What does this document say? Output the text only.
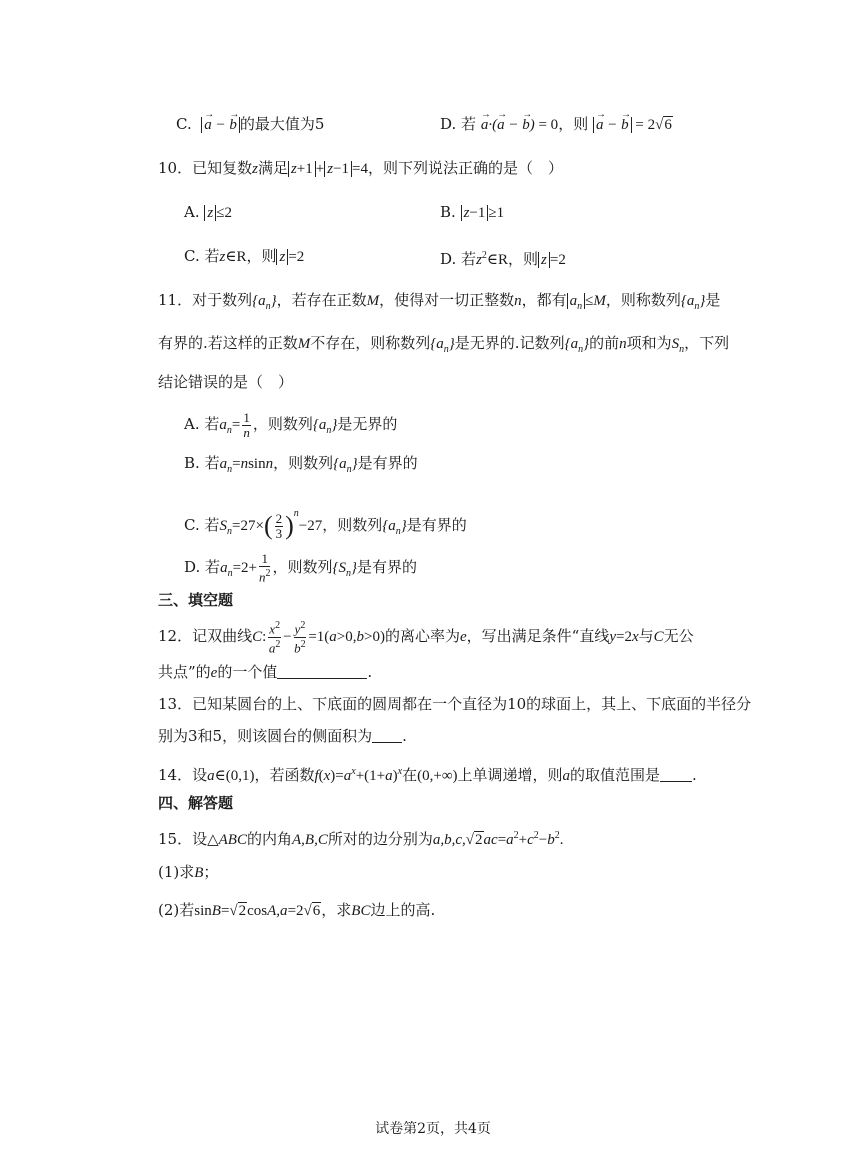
C. → a − → b 的最大值为5	D. 若 → a·(→ a − → b) = 0，则 → a − → b = 2√6
10．已知复数z满足 z+1 + z−1 =4，则下列说法正确的是（　）
A. z ≤2	B. z−1 ≥1
C. 若z∈R，则 z =2	D. 若$z^2\in R$，则 z =2
11．对于数列$\{a_n\}$，若存在正数M，使得对一切正整数n，都有 $a_n \le M$，则称数列$\{a_n\}$是
有界的.若这样的正数M不存在，则称数列$\{a_n\}$是无界的.记数列$\{a_n\}$的前n项和为$S_n$，下列
结论错误的是（　）
A. 若$a_n= \frac{1}{n}$ ，则数列$\{a_n\}$是无界的
B. 若$a_n=nsinn$，则数列$\{a_n\}$是有界的
C. 若$S_n=27\times( \frac{2}{3} )^n-27$，则数列$\{a_n\}$是有界的
D. 若$a_n=2+ \frac{1}{n^2}$ ，则数列$\{S_n\}$是有界的
三、填空题
12．记双曲线C: $\frac{x^2}{a^2} - \frac{y^2}{b^2} =1(a>0,b>0)$的离心率为e，写出满足条件“直线y=2x与C无公
共点”的e的一个值	.
13．已知某圆台的上、下底面的圆周都在一个直径为10的球面上，其上、下底面的半径分
别为3和5，则该圆台的侧面积为 .
14．设a∈(0,1)，若函数$f(x)=a^x+(1+a)^x$在(0,+∞)上单调递增，则a的取值范围是 .
四、解答题
15．设△ABC的内角A,B,C所对的边分别为$a,b,c,√2ac=a^2+c^2-b^2$.
(1)求B；
(2)若sinB=√2cosA,a=2√6，求BC边上的高.
试卷第2页，共4页
